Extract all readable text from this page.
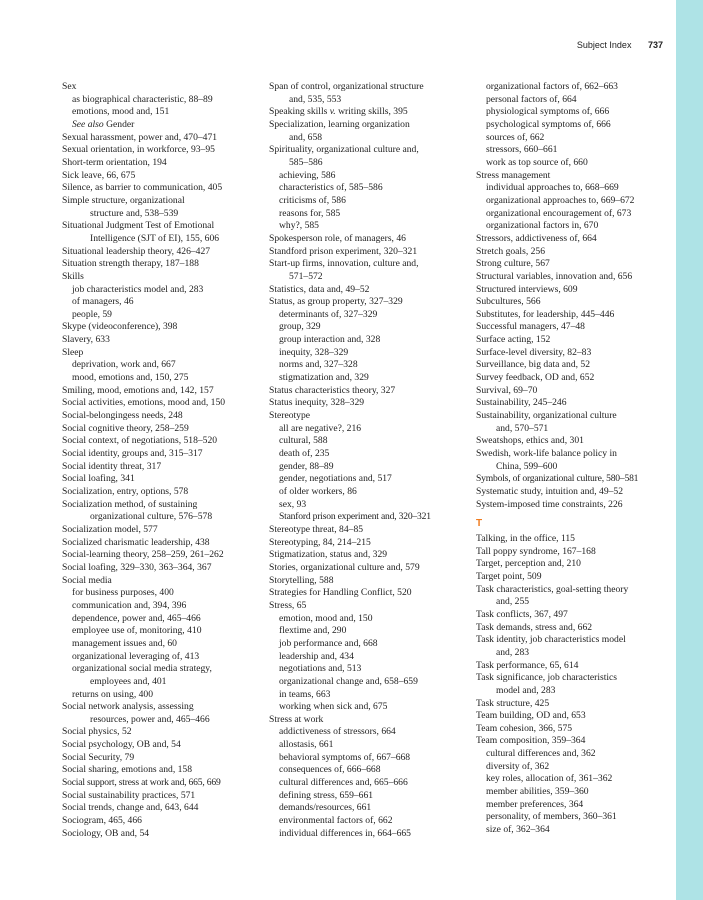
Subject Index 737
Sex
as biographical characteristic, 88–89
emotions, mood and, 151
See also Gender
Sexual harassment, power and, 470–471
Sexual orientation, in workforce, 93–95
Short-term orientation, 194
Sick leave, 66, 675
Silence, as barrier to communication, 405
Simple structure, organizational
structure and, 538–539
Situational Judgment Test of Emotional
Intelligence (SJT of EI), 155, 606
Situational leadership theory, 426–427
Situation strength therapy, 187–188
Skills
job characteristics model and, 283
of managers, 46
people, 59
Skype (videoconference), 398
Slavery, 633
Sleep
deprivation, work and, 667
mood, emotions and, 150, 275
Smiling, mood, emotions and, 142, 157
Social activities, emotions, mood and, 150
Social-belongingess needs, 248
Social cognitive theory, 258–259
Social context, of negotiations, 518–520
Social identity, groups and, 315–317
Social identity threat, 317
Social loafing, 341
Socialization, entry, options, 578
Socialization method, of sustaining
organizational culture, 576–578
Socialization model, 577
Socialized charismatic leadership, 438
Social-learning theory, 258–259, 261–262
Social loafing, 329–330, 363–364, 367
Social media
for business purposes, 400
communication and, 394, 396
dependence, power and, 465–466
employee use of, monitoring, 410
management issues and, 60
organizational leveraging of, 413
organizational social media strategy,
employees and, 401
returns on using, 400
Social network analysis, assessing
resources, power and, 465–466
Social physics, 52
Social psychology, OB and, 54
Social Security, 79
Social sharing, emotions and, 158
Social support, stress at work and, 665, 669
Social sustainability practices, 571
Social trends, change and, 643, 644
Sociogram, 465, 466
Sociology, OB and, 54
Span of control, organizational structure
and, 535, 553
Speaking skills v. writing skills, 395
Specialization, learning organization
and, 658
Spirituality, organizational culture and,
585–586
achieving, 586
characteristics of, 585–586
criticisms of, 586
reasons for, 585
why?, 585
Spokesperson role, of managers, 46
Standford prison experiment, 320–321
Start-up firms, innovation, culture and,
571–572
Statistics, data and, 49–52
Status, as group property, 327–329
determinants of, 327–329
group, 329
group interaction and, 328
inequity, 328–329
norms and, 327–328
stigmatization and, 329
Status characteristics theory, 327
Status inequity, 328–329
Stereotype
all are negative?, 216
cultural, 588
death of, 235
gender, 88–89
gender, negotiations and, 517
of older workers, 86
sex, 93
Stanford prison experiment and, 320–321
Stereotype threat, 84–85
Stereotyping, 84, 214–215
Stigmatization, status and, 329
Stories, organizational culture and, 579
Storytelling, 588
Strategies for Handling Conflict, 520
Stress, 65
emotion, mood and, 150
flextime and, 290
job performance and, 668
leadership and, 434
negotiations and, 513
organizational change and, 658–659
in teams, 663
working when sick and, 675
Stress at work
addictiveness of stressors, 664
allostasis, 661
behavioral symptoms of, 667–668
consequences of, 666–668
cultural differences and, 665–666
defining stress, 659–661
demands/resources, 661
environmental factors of, 662
individual differences in, 664–665
organizational factors of, 662–663
personal factors of, 664
physiological symptoms of, 666
psychological symptoms of, 666
sources of, 662
stressors, 660–661
work as top source of, 660
Stress management
individual approaches to, 668–669
organizational approaches to, 669–672
organizational encouragement of, 673
organizational factors in, 670
Stressors, addictiveness of, 664
Stretch goals, 256
Strong culture, 567
Structural variables, innovation and, 656
Structured interviews, 609
Subcultures, 566
Substitutes, for leadership, 445–446
Successful managers, 47–48
Surface acting, 152
Surface-level diversity, 82–83
Surveillance, big data and, 52
Survey feedback, OD and, 652
Survival, 69–70
Sustainability, 245–246
Sustainability, organizational culture
and, 570–571
Sweatshops, ethics and, 301
Swedish, work-life balance policy in
China, 599–600
Symbols, of organizational culture, 580–581
Systematic study, intuition and, 49–52
System-imposed time constraints, 226
T
Talking, in the office, 115
Tall poppy syndrome, 167–168
Target, perception and, 210
Target point, 509
Task characteristics, goal-setting theory
and, 255
Task conflicts, 367, 497
Task demands, stress and, 662
Task identity, job characteristics model
and, 283
Task performance, 65, 614
Task significance, job characteristics
model and, 283
Task structure, 425
Team building, OD and, 653
Team cohesion, 366, 575
Team composition, 359–364
cultural differences and, 362
diversity of, 362
key roles, allocation of, 361–362
member abilities, 359–360
member preferences, 364
personality, of members, 360–361
size of, 362–364
